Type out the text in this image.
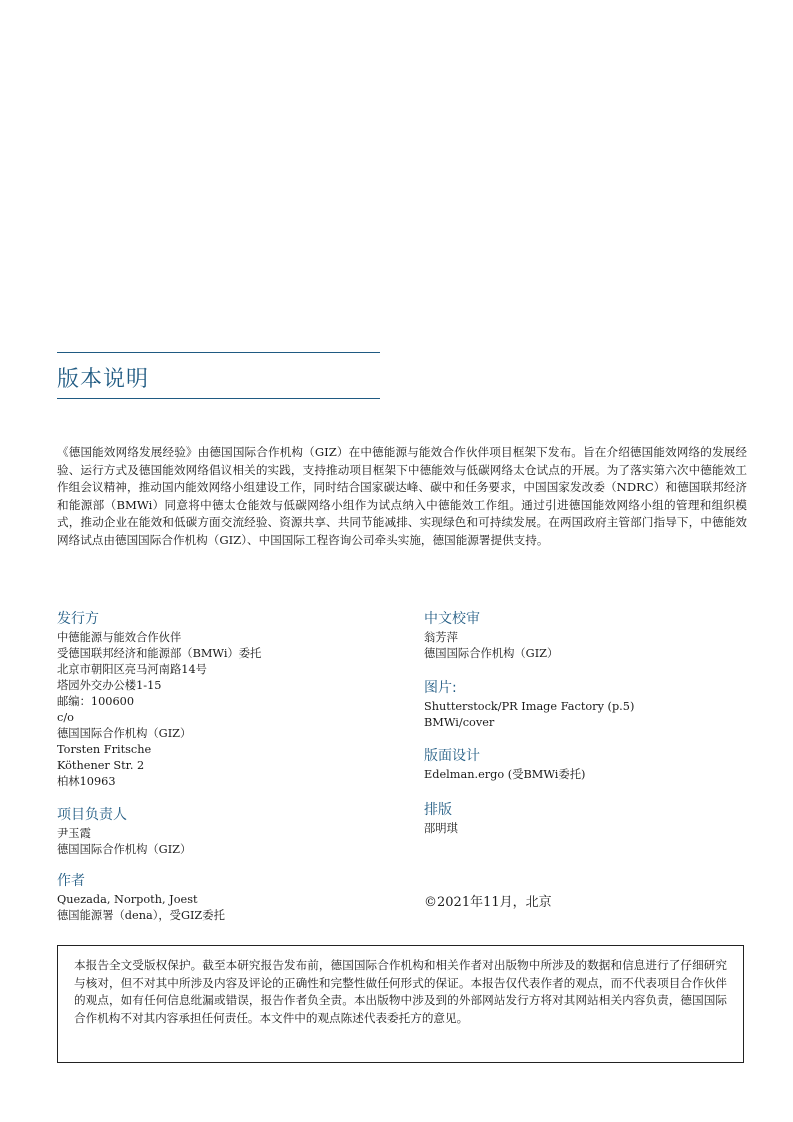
版本说明

《德国能效网络发展经验》由德国国际合作机构（GIZ）在中德能源与能效合作伙伴项目框架下发布。旨在介绍德国能效网络的发展经验、运行方式及德国能效网络倡议相关的实践，支持推动项目框架下中德能效与低碳网络太仓试点的开展。为了落实第六次中德能效工作组会议精神，推动国内能效网络小组建设工作，同时结合国家碳达峰、碳中和任务要求，中国国家发改委（NDRC）和德国联邦经济和能源部（BMWi）同意将中德太仓能效与低碳网络小组作为试点纳入中德能效工作组。通过引进德国能效网络小组的管理和组织模式，推动企业在能效和低碳方面交流经验、资源共享、共同节能减排、实现绿色和可持续发展。在两国政府主管部门指导下，中德能效网络试点由德国国际合作机构（GIZ）、中国国际工程咨询公司牵头实施，德国能源署提供支持。

发行方
中德能源与能效合作伙伴
受德国联邦经济和能源部（BMWi）委托
北京市朝阳区亮马河南路14号
塔园外交办公楼1-15
邮编：100600
c/o
德国国际合作机构（GIZ）
Torsten Fritsche
Köthener Str. 2
柏林10963
项目负责人
尹玉霞
德国国际合作机构（GIZ）
作者
Quezada, Norpoth, Joest
德国能源署（dena），受GIZ委托
中文校审
翁芳萍
德国国际合作机构（GIZ）
图片:
Shutterstock/PR Image Factory (p.5)
BMWi/cover
版面设计
Edelman.ergo (受BMWi委托)
排版
邵明琪
©2021年11月，北京

本报告全文受版权保护。截至本研究报告发布前，德国国际合作机构和相关作者对出版物中所涉及的数据和信息进行了仔细研究与核对，但不对其中所涉及内容及评论的正确性和完整性做任何形式的保证。本报告仅代表作者的观点，而不代表项目合作伙伴的观点，如有任何信息纰漏或错误，报告作者负全责。本出版物中涉及到的外部网站发行方将对其网站相关内容负责，德国国际合作机构不对其内容承担任何责任。本文件中的观点陈述代表委托方的意见。
